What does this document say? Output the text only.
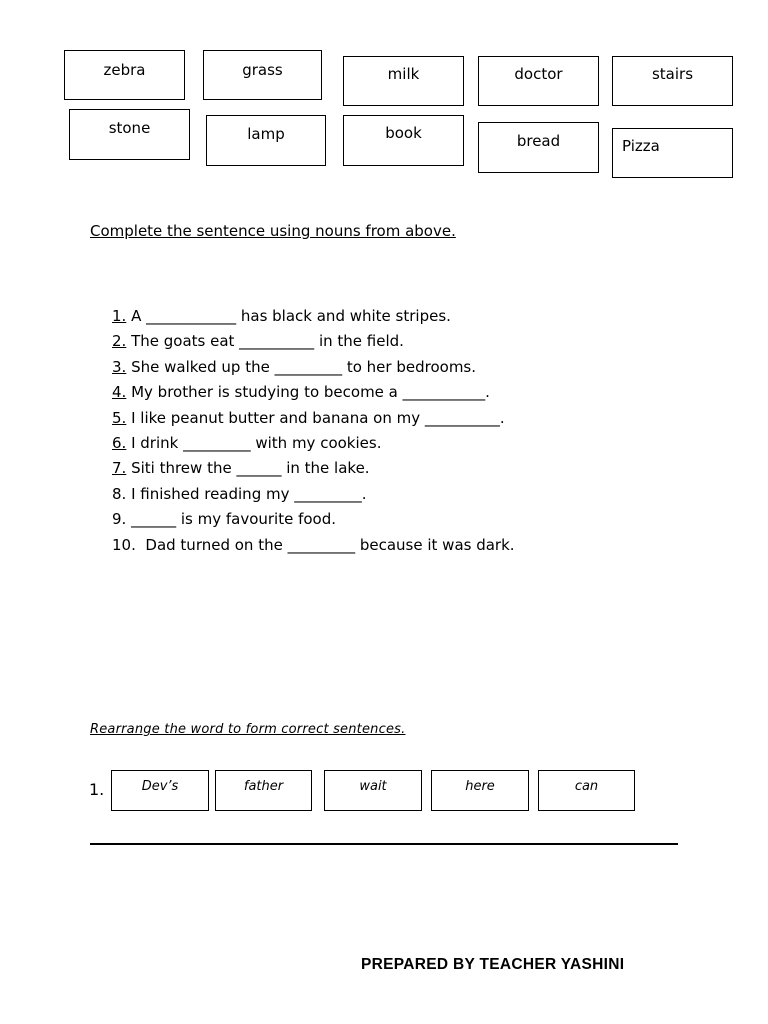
zebra	grass	milk	doctor	stairs
stone	lamp	book	bread	Pizza
Complete the sentence using nouns from above.
1. A ____________ has black and white stripes.
2. The goats eat __________ in the field.
3. She walked up the _________ to her bedrooms.
4. My brother is studying to become a ___________.
5. I like peanut butter and banana on my __________.
6. I drink _________ with my cookies.
7. Siti threw the ______ in the lake.
8. I finished reading my _________.
9. ______ is my favourite food.
10.  Dad turned on the _________ because it was dark.
Rearrange the word to form correct sentences.
1.	Dev’s	father	wait	here	can
PREPARED BY TEACHER YASHINI
